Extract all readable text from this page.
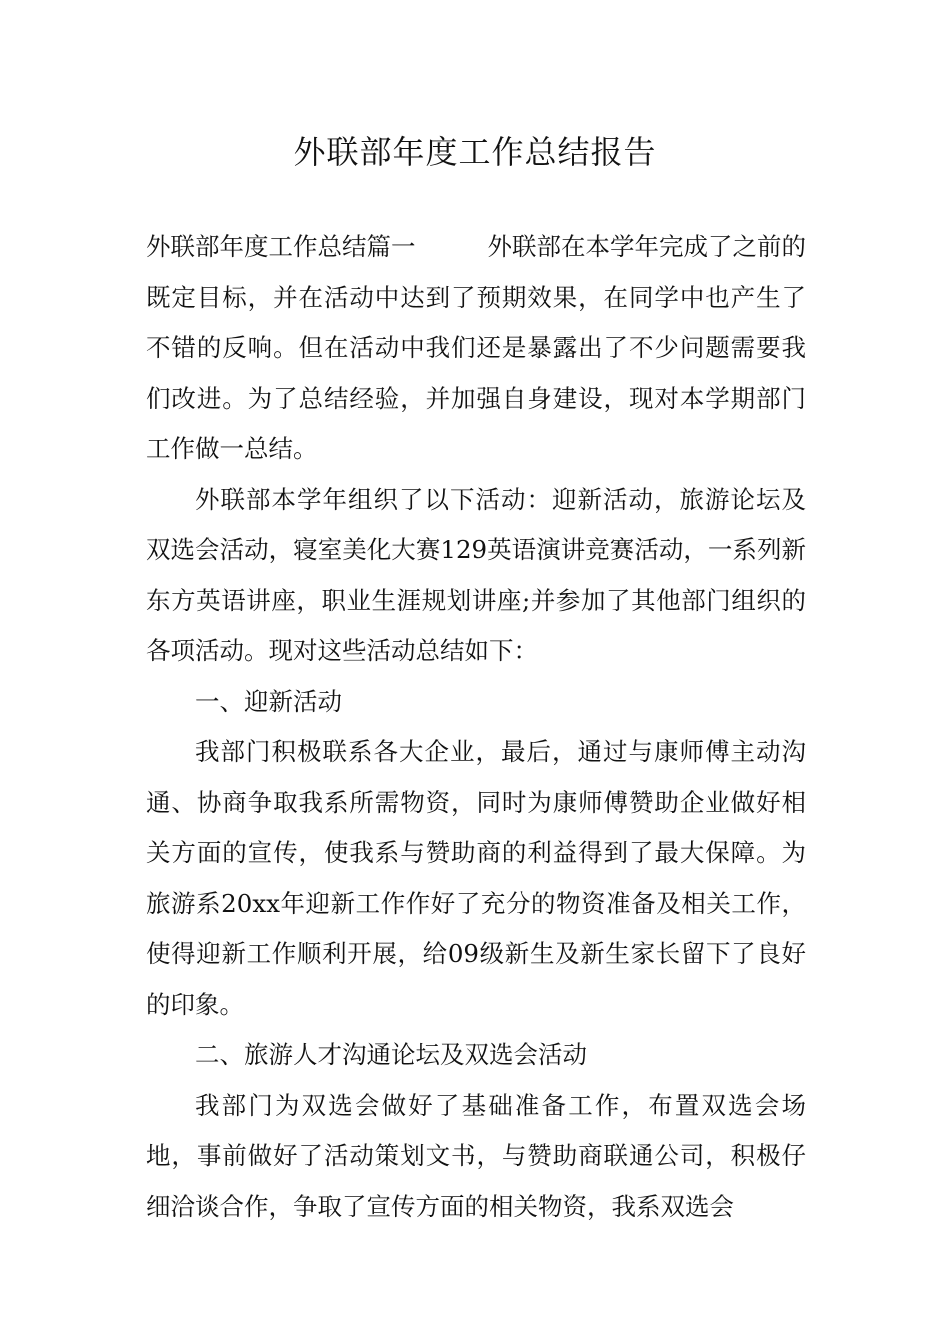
外联部年度工作总结报告

外联部年度工作总结篇一	外联部在本学年完成了之前的既定目标，并在活动中达到了预期效果，在同学中也产生了不错的反响。但在活动中我们还是暴露出了不少问题需要我们改进。为了总结经验，并加强自身建设，现对本学期部门工作做一总结。

外联部本学年组织了以下活动：迎新活动，旅游论坛及双选会活动，寝室美化大赛129英语演讲竞赛活动，一系列新东方英语讲座，职业生涯规划讲座;并参加了其他部门组织的各项活动。现对这些活动总结如下：

一、迎新活动

我部门积极联系各大企业，最后，通过与康师傅主动沟通、协商争取我系所需物资，同时为康师傅赞助企业做好相关方面的宣传，使我系与赞助商的利益得到了最大保障。为旅游系20xx年迎新工作作好了充分的物资准备及相关工作，使得迎新工作顺利开展，给09级新生及新生家长留下了良好的印象。

二、旅游人才沟通论坛及双选会活动

我部门为双选会做好了基础准备工作，布置双选会场地，事前做好了活动策划文书，与赞助商联通公司，积极仔细洽谈合作，争取了宣传方面的相关物资，我系双选会
